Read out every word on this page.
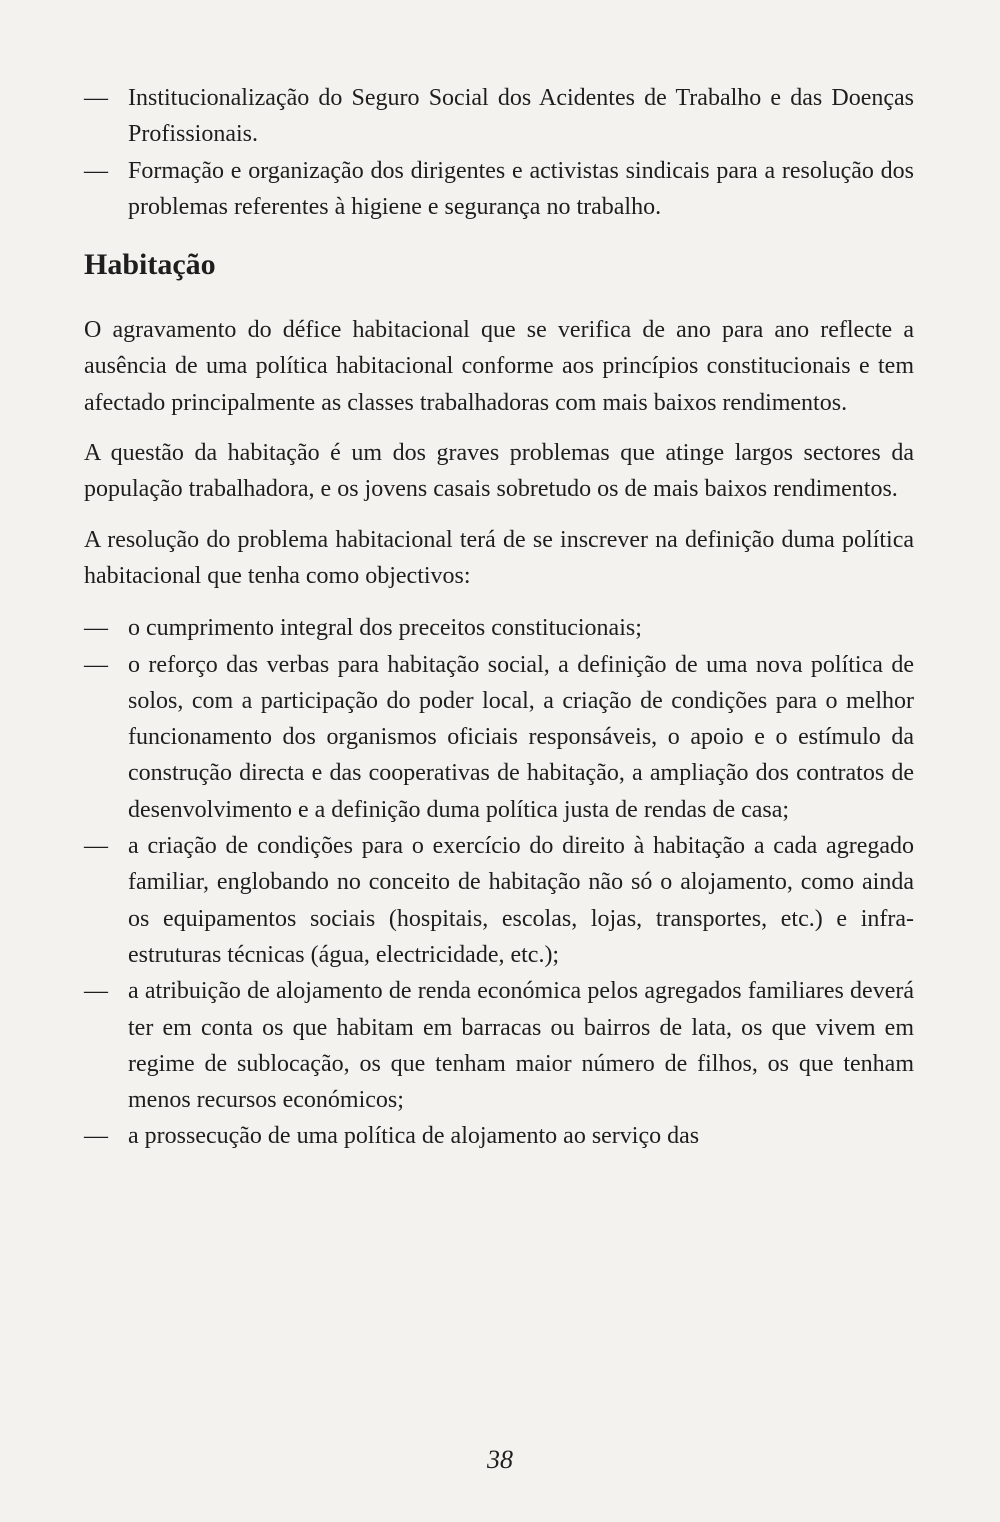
— Institucionalização do Seguro Social dos Acidentes de Trabalho e das Doenças Profissionais.
— Formação e organização dos dirigentes e activistas sindicais para a resolução dos problemas referentes à higiene e segurança no trabalho.
Habitação

O agravamento do défice habitacional que se verifica de ano para ano reflecte a ausência de uma política habitacional conforme aos princípios constitucionais e tem afectado principalmente as classes trabalhadoras com mais baixos rendimentos.

A questão da habitação é um dos graves problemas que atinge largos sectores da população trabalhadora, e os jovens casais sobretudo os de mais baixos rendimentos.

A resolução do problema habitacional terá de se inscrever na definição duma política habitacional que tenha como objectivos:

— o cumprimento integral dos preceitos constitucionais;
— o reforço das verbas para habitação social, a definição de uma nova política de solos, com a participação do poder local, a criação de condições para o melhor funcionamento dos organismos oficiais responsáveis, o apoio e o estímulo da construção directa e das cooperativas de habitação, a ampliação dos contratos de desenvolvimento e a definição duma política justa de rendas de casa;
— a criação de condições para o exercício do direito à habitação a cada agregado familiar, englobando no conceito de habitação não só o alojamento, como ainda os equipamentos sociais (hospitais, escolas, lojas, transportes, etc.) e infra-estruturas técnicas (água, electricidade, etc.);
— a atribuição de alojamento de renda económica pelos agregados familiares deverá ter em conta os que habitam em barracas ou bairros de lata, os que vivem em regime de sublocação, os que tenham maior número de filhos, os que tenham menos recursos económicos;
— a prossecução de uma política de alojamento ao serviço das
38
